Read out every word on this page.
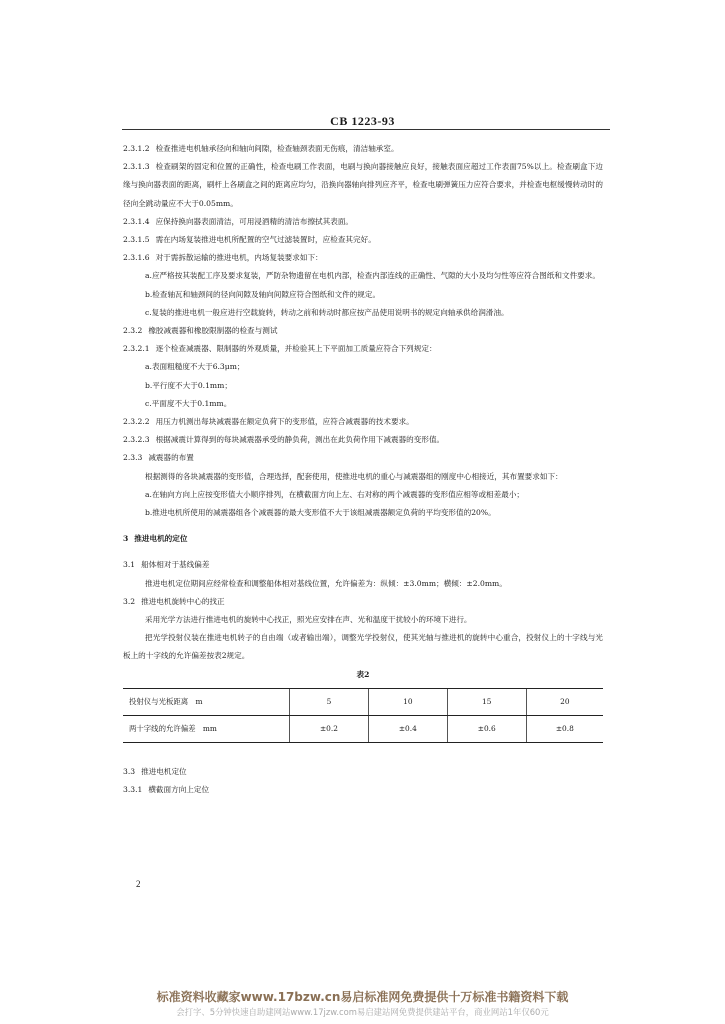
CB 1223-93
·

2.3.1.2 检查推进电机轴承径向和轴向间隙，检查轴颈表面无伤痕，清洁轴承室。

2.3.1.3 检查刷架的固定和位置的正确性，检查电刷工作表面，电刷与换向器接触应良好，接触表面应超过工作表面75%以上。检查刷盒下边缘与换向器表面的距离，刷杆上各刷盒之间的距离应均匀，沿换向器轴向排列应齐平，检查电刷弹簧压力应符合要求，并检查电枢缓慢转动时的径向全跳动量应不大于0.05mm。

2.3.1.4 应保持换向器表面清洁，可用浸酒精的清洁布擦拭其表面。

2.3.1.5 需在内场复装推进电机所配置的空气过滤装置时，应检查其完好。

2.3.1.6 对于需拆散运输的推进电机，内场复装要求如下：

a.应严格按其装配工序及要求复装，严防杂物遗留在电机内部，检查内部连线的正确性、气隙的大小及均匀性等应符合图纸和文件要求。

b.检查轴瓦和轴颈间的径向间隙及轴向间隙应符合图纸和文件的规定。

c.复装的推进电机一般应进行空载旋转，转动之前和转动时都应按产品使用说明书的规定向轴承供给润滑油。

2.3.2 橡胶减震器和橡胶限制器的检查与测试

2.3.2.1 逐个检查减震器、限制器的外观质量，并检验其上下平面加工质量应符合下列规定：

a.表面粗糙度不大于6.3μm；

b.平行度不大于0.1mm；

c.平面度不大于0.1mm。

2.3.2.2 用压力机测出每块减震器在额定负荷下的变形值，应符合减震器的技术要求。

2.3.2.3 根据减震计算得到的每块减震器承受的静负荷，测出在此负荷作用下减震器的变形值。

2.3.3 减震器的布置

根据测得的各块减震器的变形值，合理选择，配套使用，使推进电机的重心与减震器组的刚度中心相接近，其布置要求如下：

a.在轴向方向上应按变形值大小顺序排列，在横截面方向上左、右对称的两个减震器的变形值应相等或相差最小；

b.推进电机所使用的减震器组各个减震器的最大变形值不大于该组减震器额定负荷的平均变形值的20%。

3 推进电机的定位

3.1 船体相对于基线偏差

推进电机定位期间应经常检查和调整船体相对基线位置，允许偏差为：纵倾：±3.0mm；横倾：±2.0mm。

3.2 推进电机旋转中心的找正

采用光学方法进行推进电机的旋转中心找正，照光应安排在声、光和温度干扰较小的环境下进行。

把光学投射仪装在推进电机转子的自由端（或者输出端），调整光学投射仪，使其光轴与推进机的旋转中心重合，投射仪上的十字线与光板上的十字线的允许偏差按表2规定。

表2

投射仪与光板距离　m	5	10	15	20
两十字线的允许偏差　mm	±0.2	±0.4	±0.6	±0.8

3.3 推进电机定位

3.3.1 横截面方向上定位

2
标准资料收藏家www.17bzw.cn易启标准网免费提供十万标准书籍资料下载
会打字、5分钟快速自助建网站www.17jzw.com易启建站网免费提供建站平台，商业网站1年仅60元
